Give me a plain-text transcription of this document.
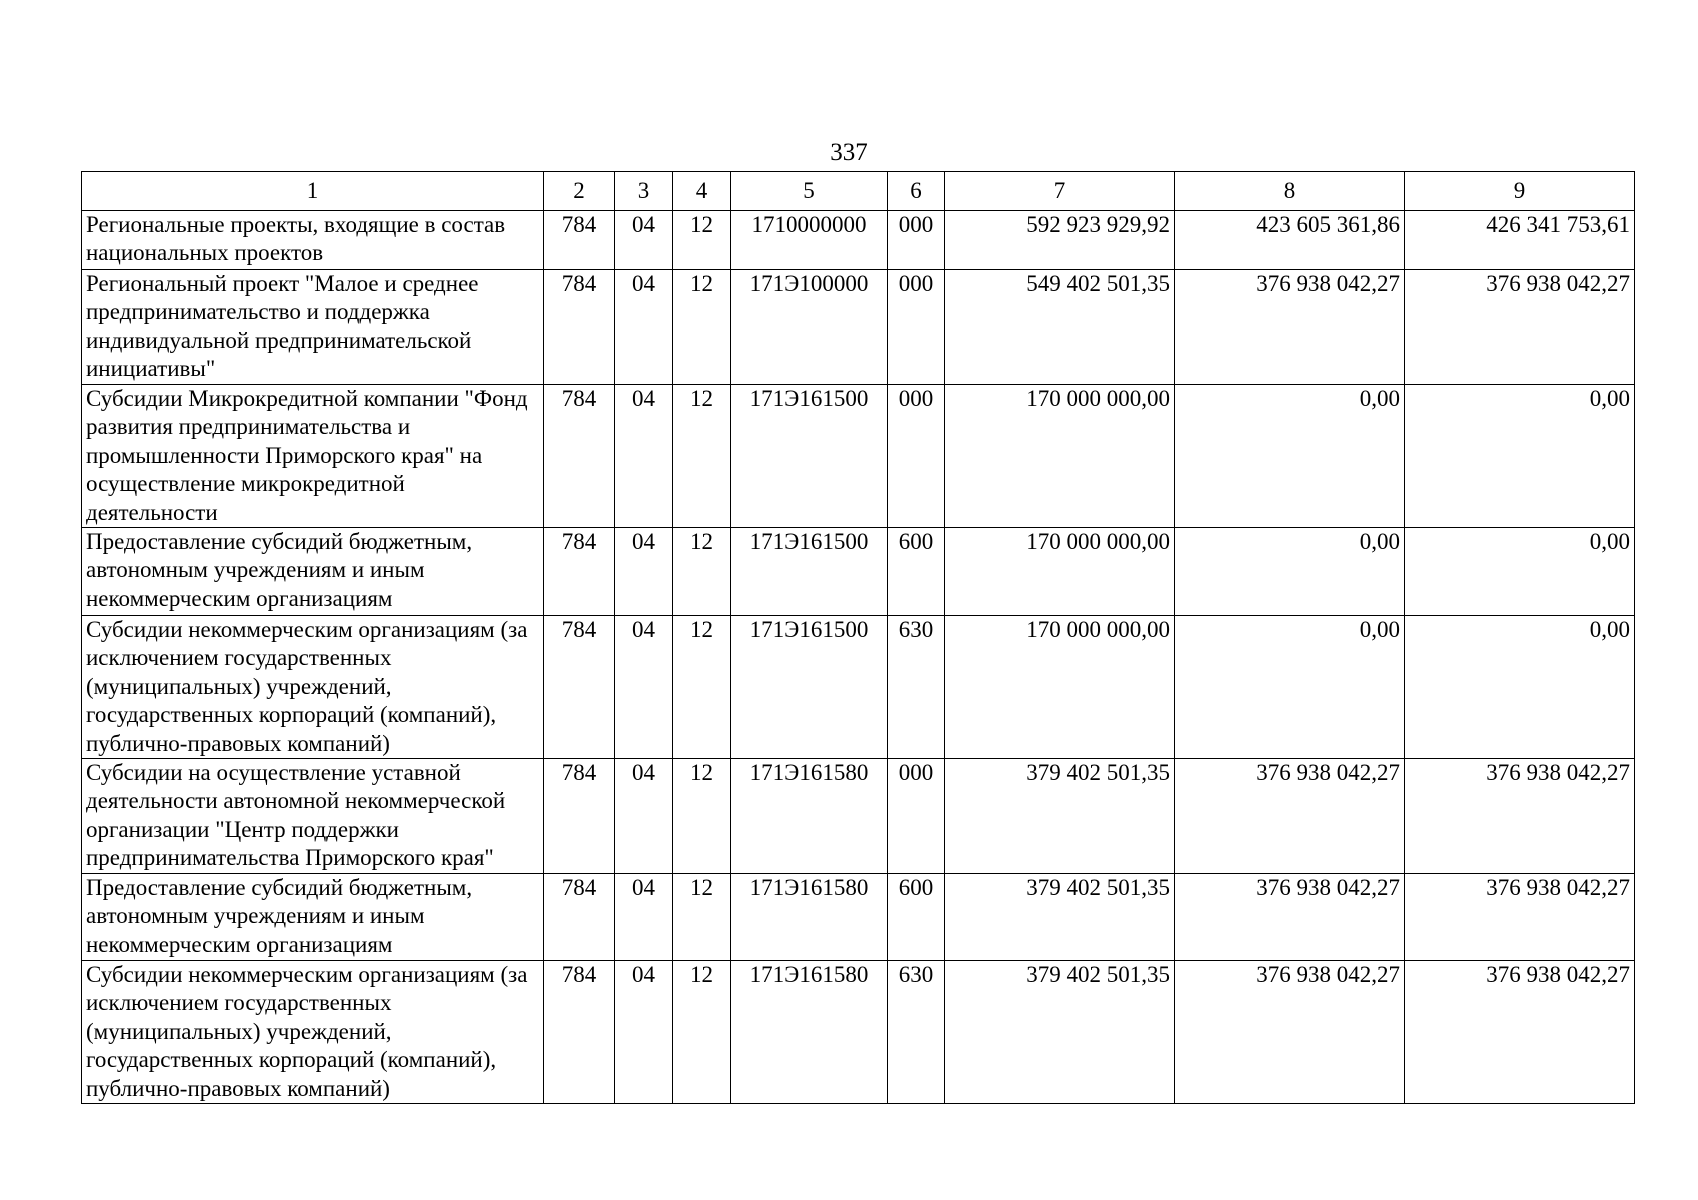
337
1	2	3	4	5	6	7	8	9
Региональные проекты, входящие в состав национальных проектов	784	04	12	1710000000	000	592 923 929,92	423 605 361,86	426 341 753,61
Региональный проект "Малое и среднее предпринимательство и поддержка индивидуальной предпринимательской инициативы"	784	04	12	171Э100000	000	549 402 501,35	376 938 042,27	376 938 042,27
Субсидии Микрокредитной компании "Фонд развития предпринимательства и промышленности Приморского края" на осуществление микрокредитной деятельности	784	04	12	171Э161500	000	170 000 000,00	0,00	0,00
Предоставление субсидий бюджетным, автономным учреждениям и иным некоммерческим организациям	784	04	12	171Э161500	600	170 000 000,00	0,00	0,00
Субсидии некоммерческим организациям (за исключением государственных (муниципальных) учреждений, государственных корпораций (компаний), публично-правовых компаний)	784	04	12	171Э161500	630	170 000 000,00	0,00	0,00
Субсидии на осуществление уставной деятельности автономной некоммерческой организации "Центр поддержки предпринимательства Приморского края"	784	04	12	171Э161580	000	379 402 501,35	376 938 042,27	376 938 042,27
Предоставление субсидий бюджетным, автономным учреждениям и иным некоммерческим организациям	784	04	12	171Э161580	600	379 402 501,35	376 938 042,27	376 938 042,27
Субсидии некоммерческим организациям (за исключением государственных (муниципальных) учреждений, государственных корпораций (компаний), публично-правовых компаний)	784	04	12	171Э161580	630	379 402 501,35	376 938 042,27	376 938 042,27
